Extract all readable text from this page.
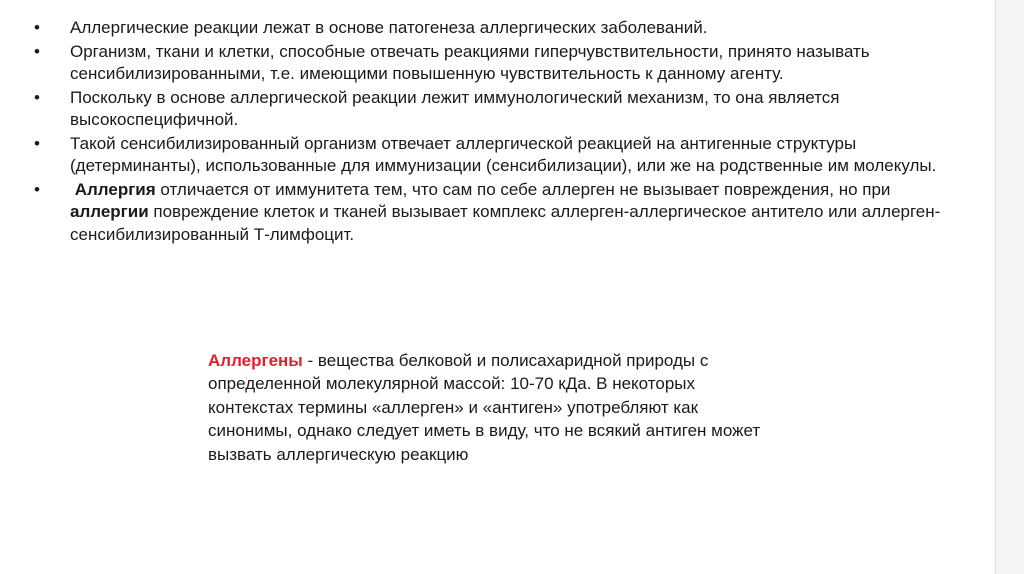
• Аллергические реакции лежат в основе патогенеза аллергических заболеваний.
• Организм, ткани и клетки, способные отвечать реакциями гиперчувствительности, принято называть сенсибилизированными, т.е. имеющими повышенную чувствительность к данному агенту.
• Поскольку в основе аллергической реакции лежит иммунологический механизм, то она является высокоспецифичной.
• Такой сенсибилизированный организм отвечает аллергической реакцией на антигенные структуры (детерминанты), использованные для иммунизации (сенсибилизации), или же на родственные им молекулы.
• Аллергия отличается от иммунитета тем, что сам по себе аллерген не вызывает повреждения, но при аллергии повреждение клеток и тканей вызывает комплекс аллерген-аллергическое антитело или аллерген-сенсибилизированный Т-лимфоцит.

Аллергены - вещества белковой и полисахаридной природы с определенной молекулярной массой: 10-70 кДа. В некоторых контекстах термины «аллерген» и «антиген» употребляют как синонимы, однако следует иметь в виду, что не всякий антиген может вызвать аллергическую реакцию
